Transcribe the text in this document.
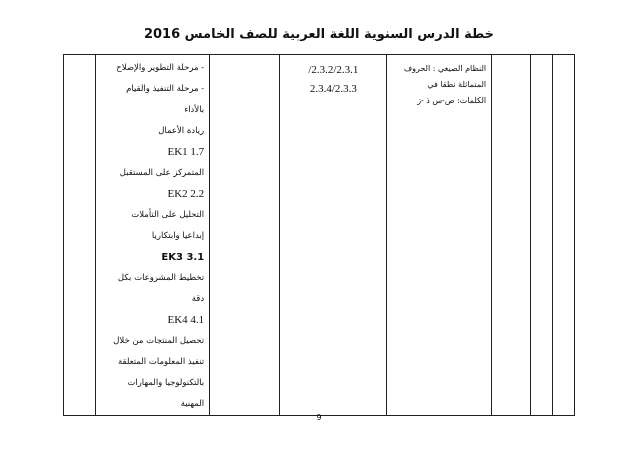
خطة الدرس السنوية اللغة العربية للصف الخامس 2016

- مرحلة التطوير والإصلاح
- مرحلة التنفيذ والقيام
بالأداء
ريادة الأعمال
EK1 1.7
المتمركز على المستقبل
EK2 2.2
التحليل على التأملات
إبداعيا وابتكاريا
EK3 3.1
تخطيط المشروعات بكل
دقة
EK4 4.1
تحصيل المنتجات من خلال
تنفيذ المعلومات المتعلقة
بالتكنولوجيا والمهارات
المهنية

/2.3.2/2.3.1
2.3.4/2.3.3

النظام الصيغي : الحروف المتماثلة نطقا في
الكلمات: ص-س ذ -ز

9
